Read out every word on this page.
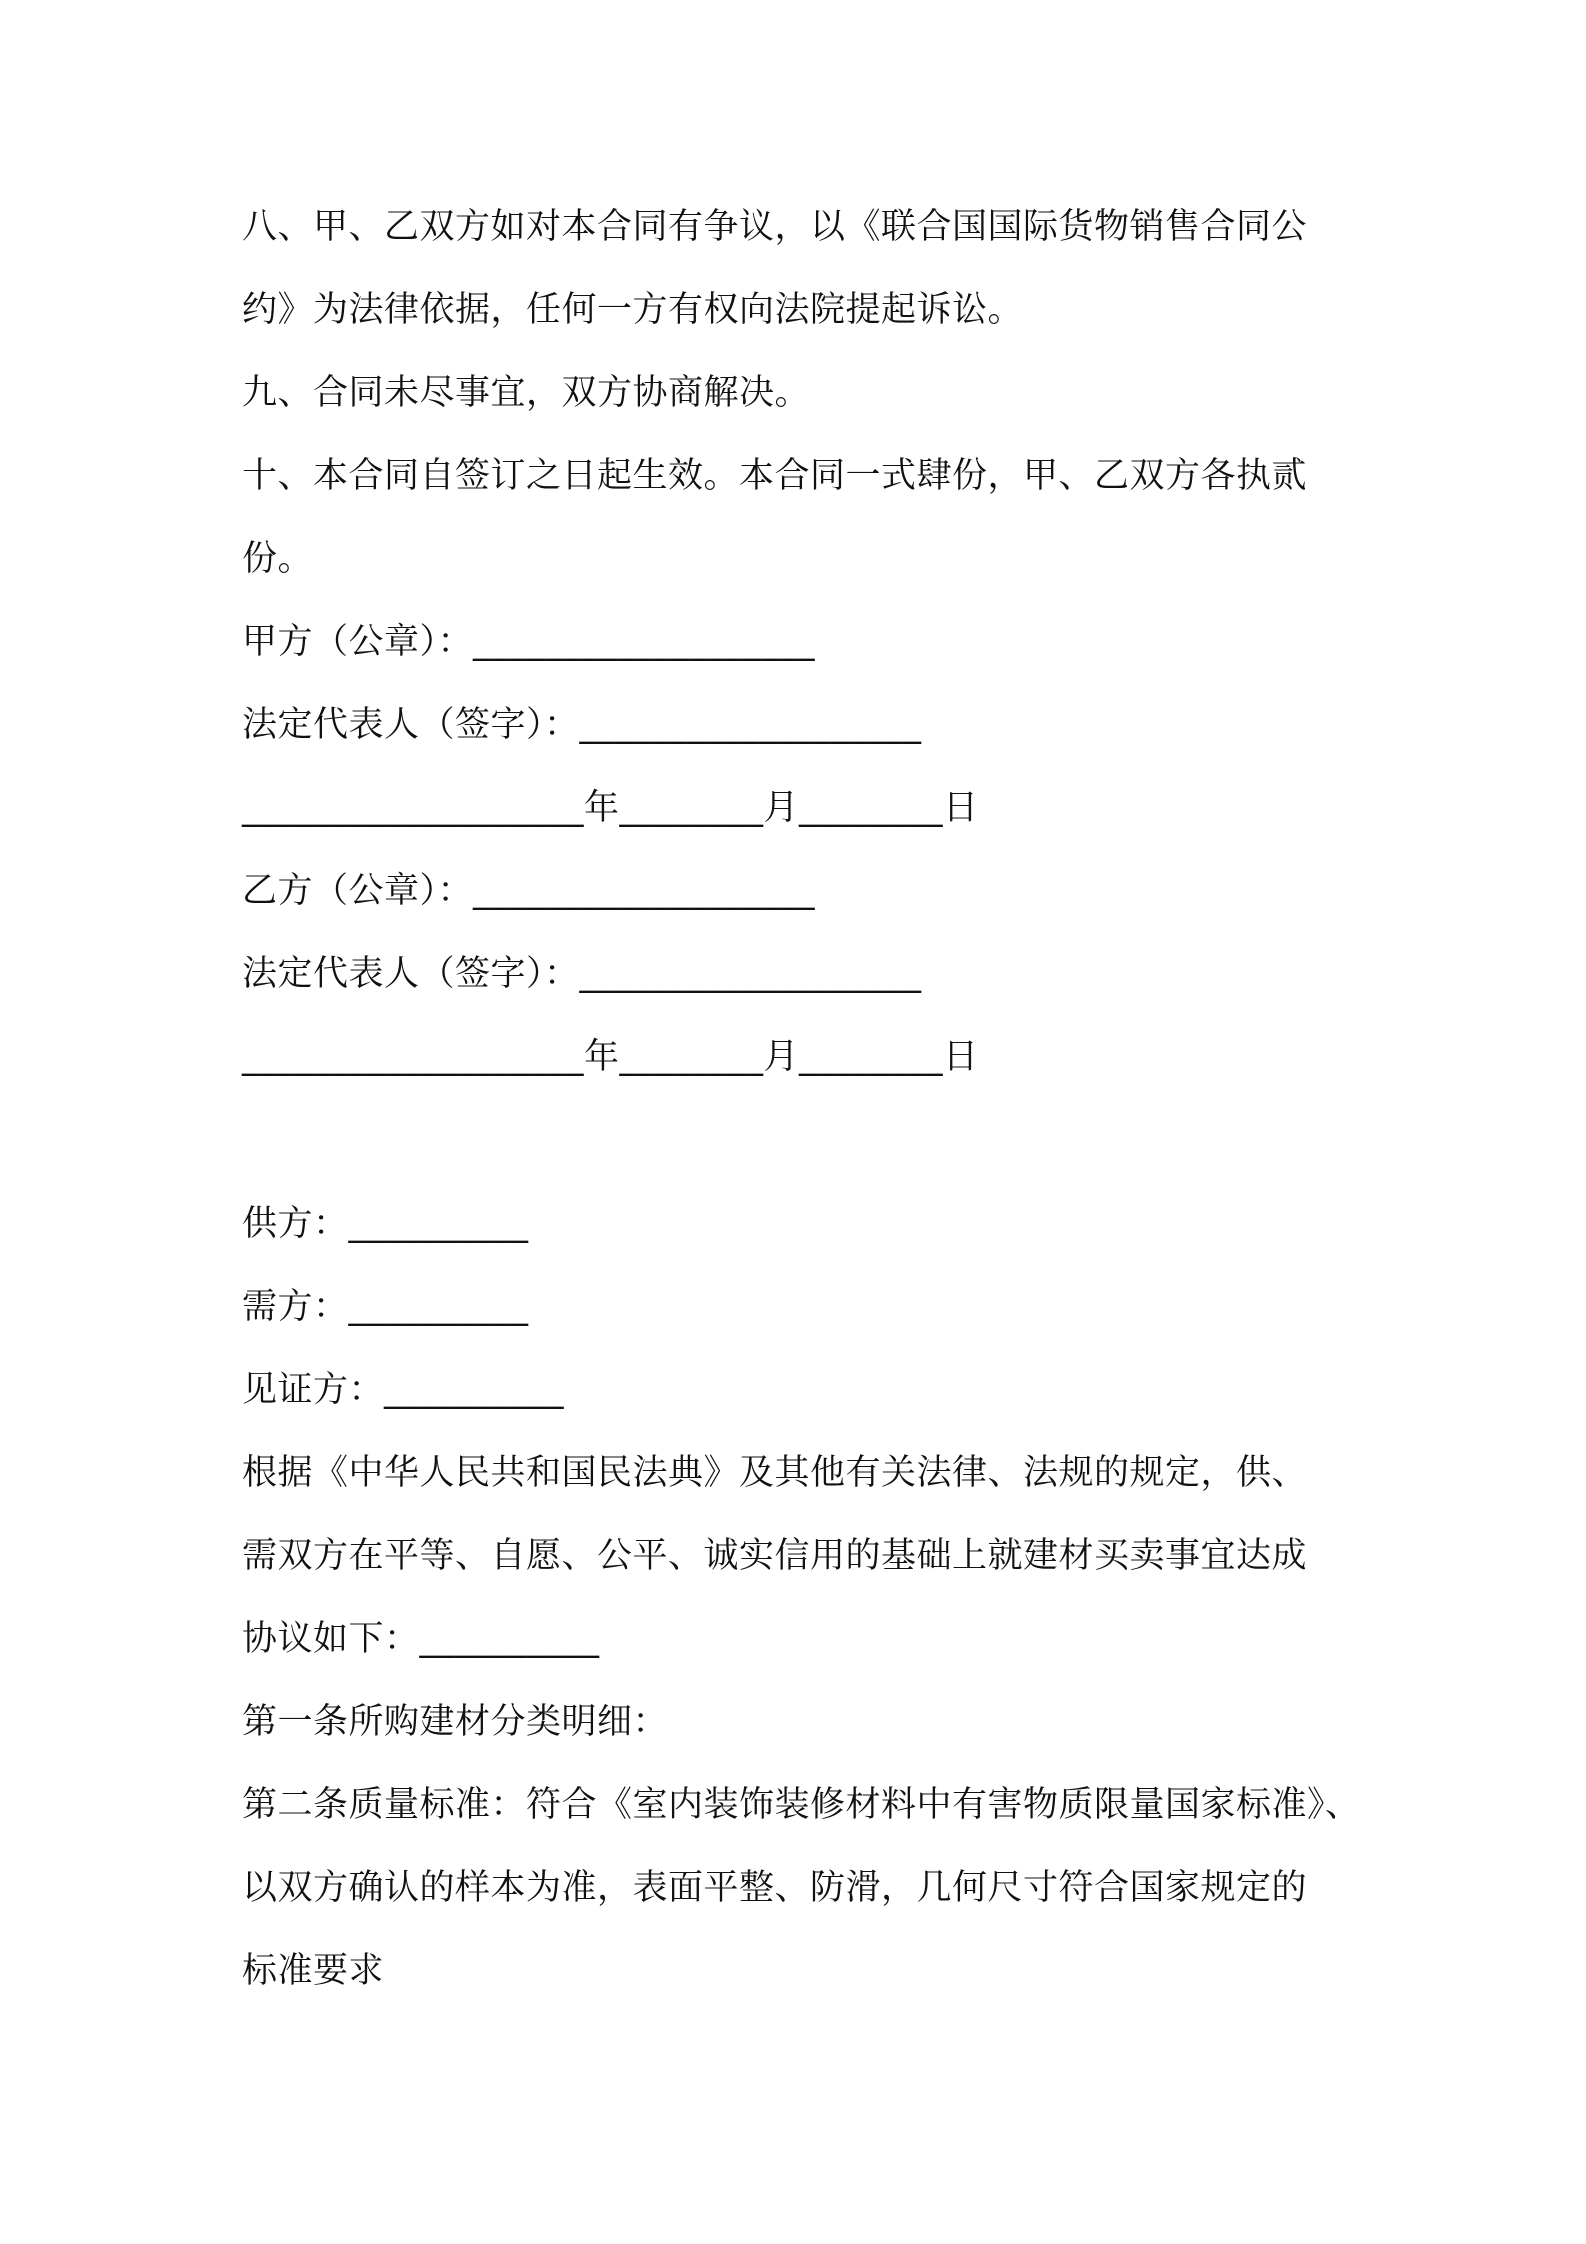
八、甲、乙双方如对本合同有争议，以《联合国国际货物销售合同公
约》为法律依据，任何一方有权向法院提起诉讼。
九、合同未尽事宜，双方协商解决。
十、本合同自签订之日起生效。本合同一式肆份，甲、乙双方各执贰
份。
甲方（公章）：___________________
法定代表人（签字）：___________________
___________________年________月________日
乙方（公章）：___________________
法定代表人（签字）：___________________
___________________年________月________日
供方：__________
需方：__________
见证方：__________
根据《中华人民共和国民法典》及其他有关法律、法规的规定，供、
需双方在平等、自愿、公平、诚实信用的基础上就建材买卖事宜达成
协议如下：__________
第一条所购建材分类明细：
第二条质量标准：符合《室内装饰装修材料中有害物质限量国家标准》、
以双方确认的样本为准，表面平整、防滑，几何尺寸符合国家规定的
标准要求
